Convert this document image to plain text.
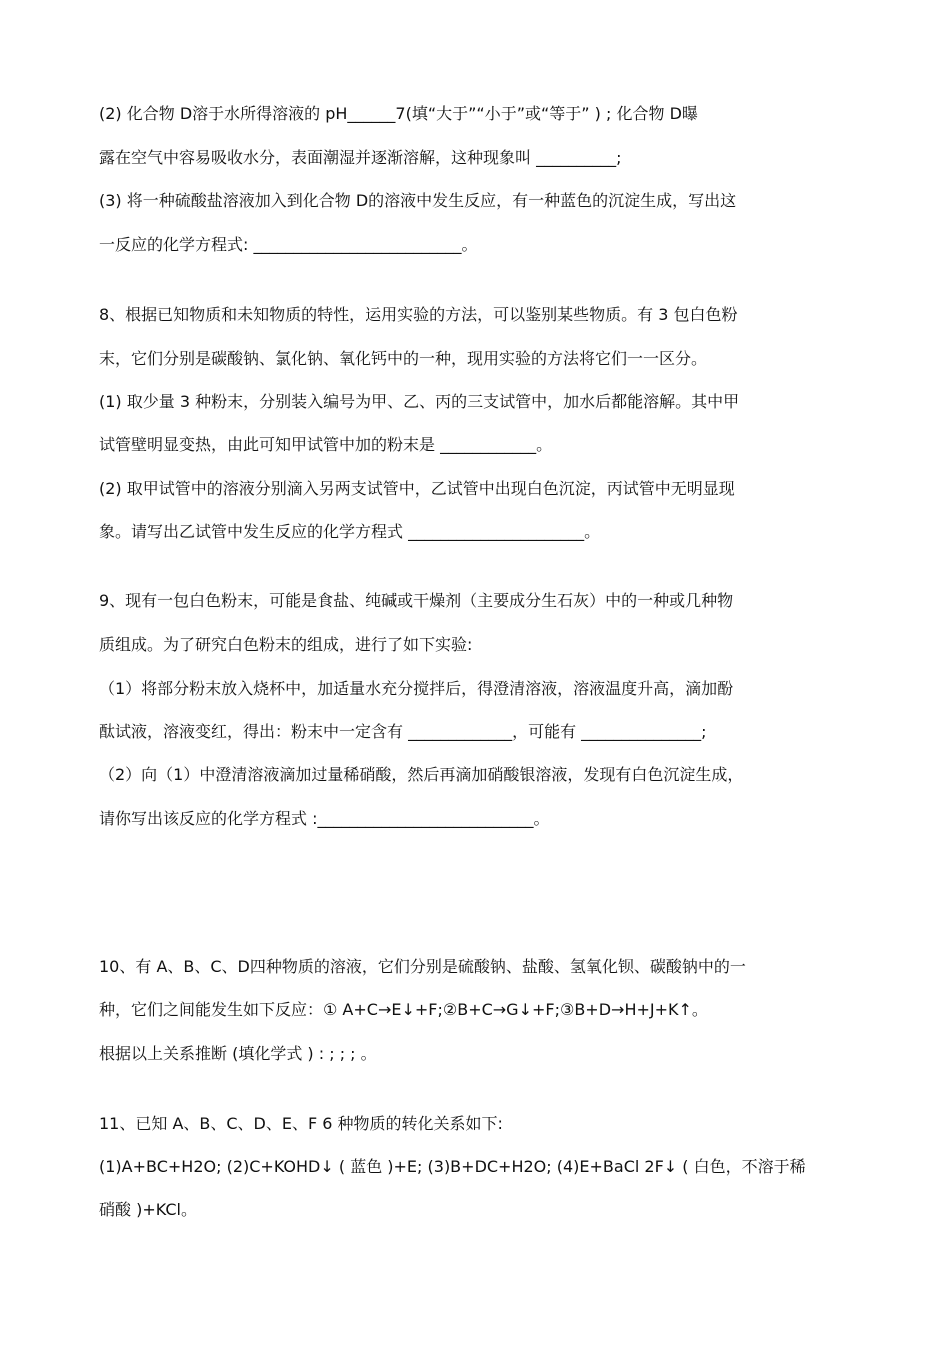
(2) 化合物 D溶于水所得溶液的 pH______7(填“大于”“小于”或“等于” ) ; 化合物 D曝
露在空气中容易吸收水分，表面潮湿并逐渐溶解，这种现象叫 __________;
(3) 将一种硫酸盐溶液加入到化合物 D的溶液中发生反应，有一种蓝色的沉淀生成，写出这
一反应的化学方程式: __________________________。
8、根据已知物质和未知物质的特性，运用实验的方法，可以鉴别某些物质。有 3 包白色粉
末，它们分别是碳酸钠、氯化钠、氧化钙中的一种，现用实验的方法将它们一一区分。
(1) 取少量 3 种粉末，分别装入编号为甲、乙、丙的三支试管中，加水后都能溶解。其中甲
试管壁明显变热，由此可知甲试管中加的粉末是 ____________。
(2) 取甲试管中的溶液分别滴入另两支试管中，乙试管中出现白色沉淀，丙试管中无明显现
象。请写出乙试管中发生反应的化学方程式 ______________________。
9、现有一包白色粉末，可能是食盐、纯碱或干燥剂（主要成分生石灰）中的一种或几种物
质组成。为了研究白色粉末的组成，进行了如下实验:
（1）将部分粉末放入烧杯中，加适量水充分搅拌后，得澄清溶液，溶液温度升高，滴加酚
酞试液，溶液变红，得出：粉末中一定含有 _____________，可能有 _______________;
（2）向（1）中澄清溶液滴加过量稀硝酸，然后再滴加硝酸银溶液，发现有白色沉淀生成，
请你写出该反应的化学方程式 :___________________________。
10、有 A、B、C、D四种物质的溶液，它们分别是硫酸钠、盐酸、氢氧化钡、碳酸钠中的一
种，它们之间能发生如下反应：① A+C→E↓+F;②B+C→G↓+F;③B+D→H+J+K↑。
根据以上关系推断 (填化学式 ) : ; ; ; 。
11、已知 A、B、C、D、E、F 6 种物质的转化关系如下:
(1)A+BC+H2O; (2)C+KOHD↓ ( 蓝色 )+E; (3)B+DC+H2O; (4)E+BaCl 2F↓ ( 白色，不溶于稀
硝酸 )+KCl。
